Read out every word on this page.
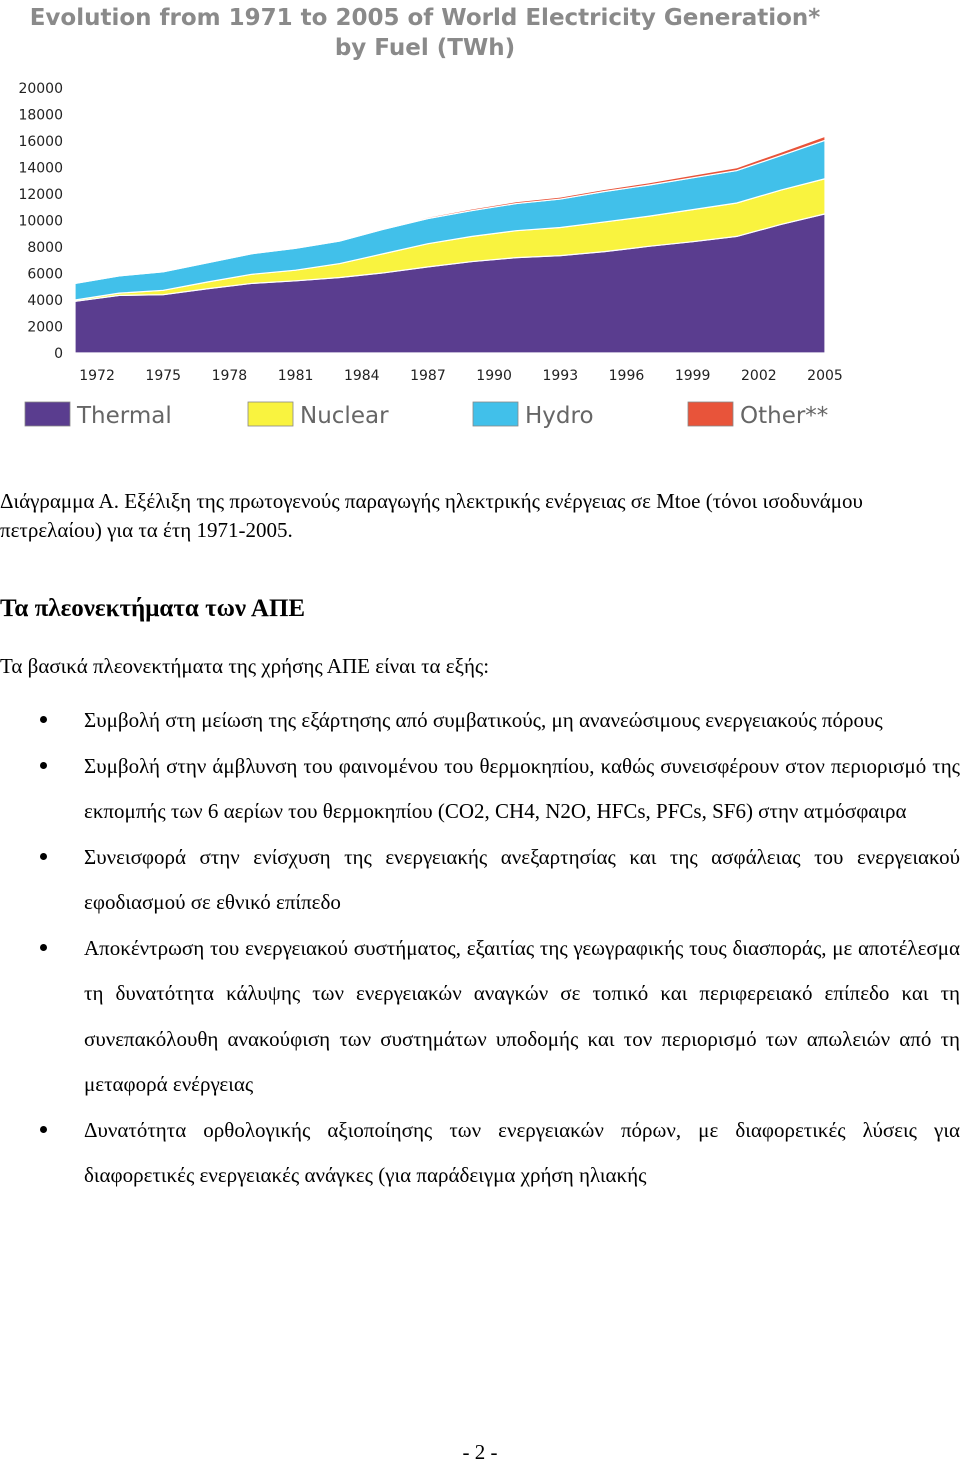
Evolution from 1971 to 2005 of World Electricity Generation*
by Fuel (TWh)
0
2000
4000
6000
8000
10000
12000
14000
16000
18000
20000
1972 1975 1978 1981 1984 1987 1990 1993 1996 1999 2002 2005
Thermal	Nuclear	Hydro	Other**
Διάγραμμα Α. Εξέλιξη της πρωτογενούς παραγωγής ηλεκτρικής ενέργειας σε Mtoe (τόνοι ισοδυνάμου πετρελαίου) για τα έτη 1971-2005.
Τα πλεονεκτήματα των ΑΠΕ
Τα βασικά πλεονεκτήματα της χρήσης ΑΠΕ είναι τα εξής:
Συμβολή στη μείωση της εξάρτησης από συμβατικούς, μη ανανεώσιμους ενεργειακούς πόρους
Συμβολή στην άμβλυνση του φαινομένου του θερμοκηπίου, καθώς συνεισφέρουν στον περιορισμό της εκπομπής των 6 αερίων του θερμοκηπίου (CO2, CH4, N2O, HFCs, PFCs, SF6) στην ατμόσφαιρα
Συνεισφορά στην ενίσχυση της ενεργειακής ανεξαρτησίας και της ασφάλειας του ενεργειακού εφοδιασμού σε εθνικό επίπεδο
Αποκέντρωση του ενεργειακού συστήματος, εξαιτίας της γεωγραφικής τους διασποράς, με αποτέλεσμα τη δυνατότητα κάλυψης των ενεργειακών αναγκών σε τοπικό και περιφερειακό επίπεδο και τη συνεπακόλουθη ανακούφιση των συστημάτων υποδομής και τον περιορισμό των απωλειών από τη μεταφορά ενέργειας
Δυνατότητα ορθολογικής αξιοποίησης των ενεργειακών πόρων, με διαφορετικές λύσεις για διαφορετικές ενεργειακές ανάγκες (για παράδειγμα χρήση ηλιακής
- 2 -
